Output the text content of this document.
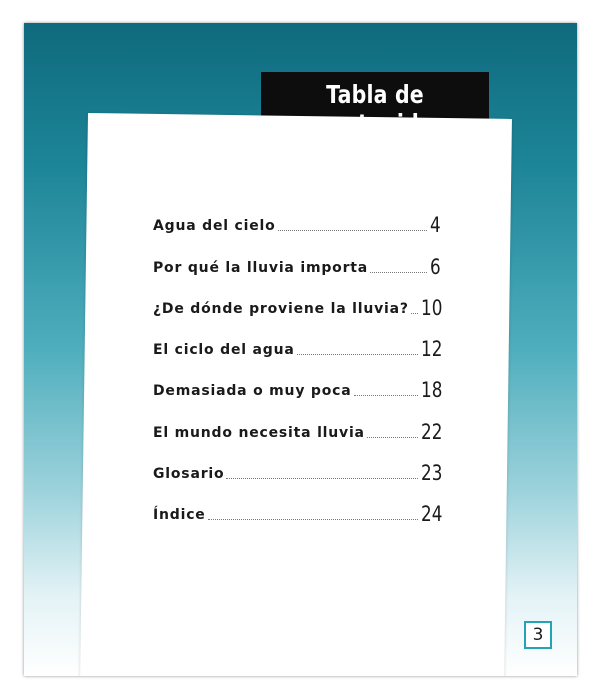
Tabla de
Agua del cielo	4
Por qué la lluvia importa	6
¿De dónde proviene la lluvia? 10
El ciclo del agua	12
Demasiada o muy poca	18
El mundo necesita lluvia	22
Glosario	23
Índice	24
3
